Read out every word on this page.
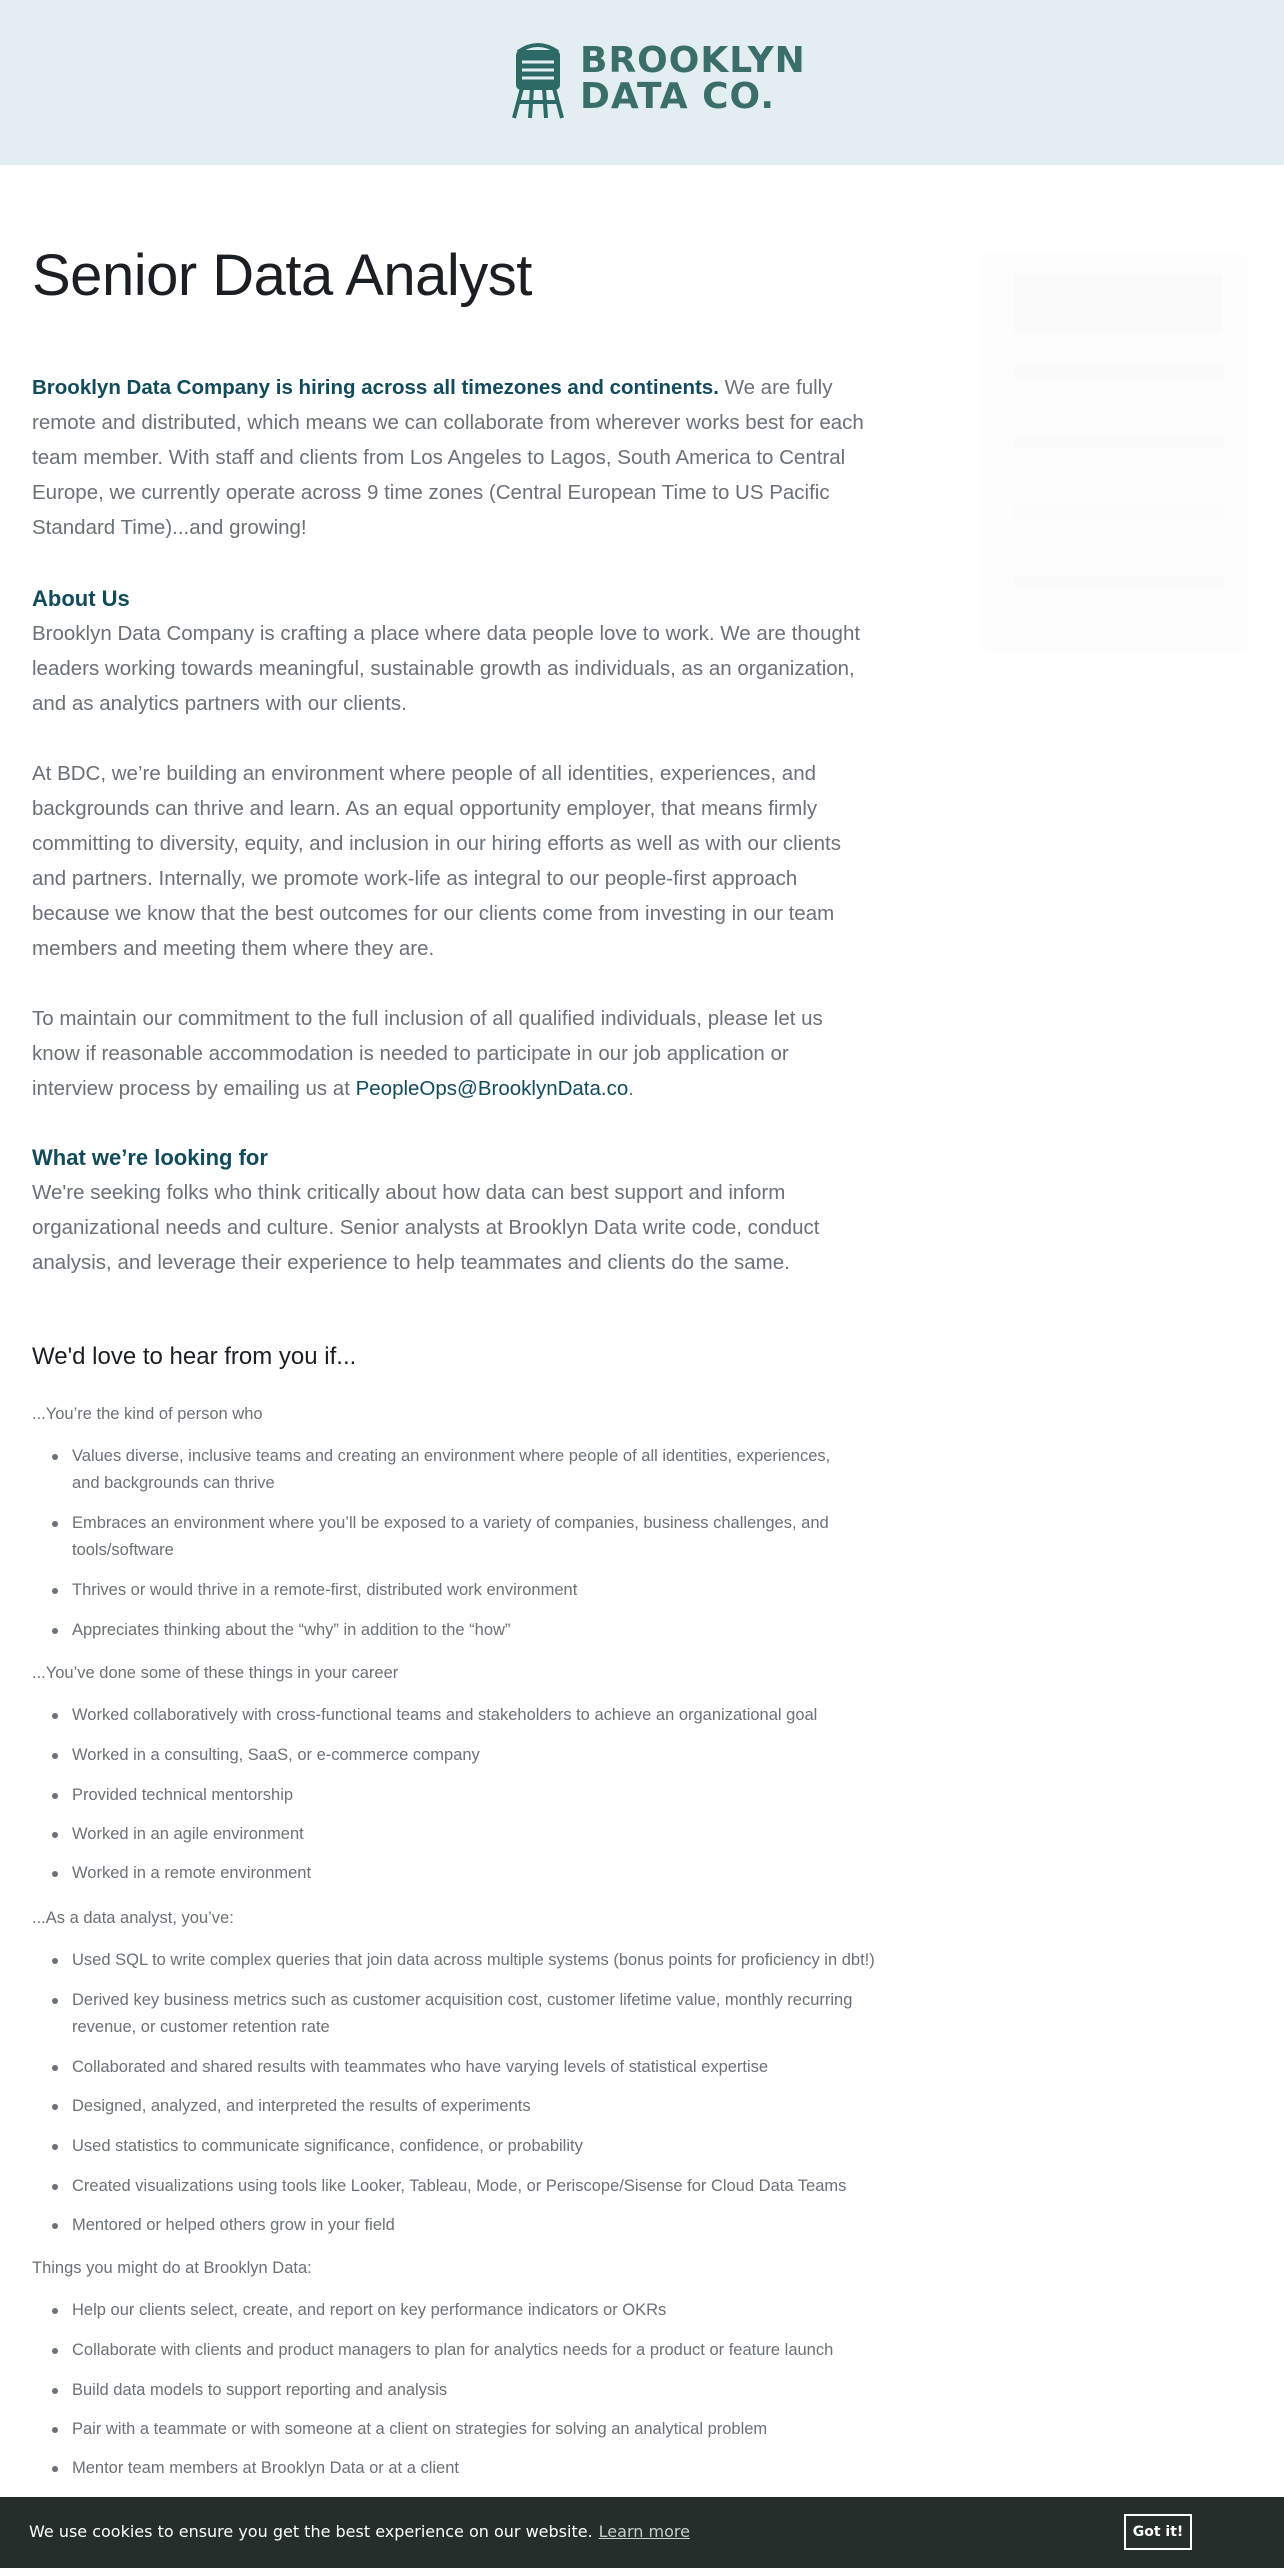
BROOKLYN
DATA CO.
Senior Data Analyst

Brooklyn Data Company is hiring across all timezones and continents. We are fully remote and distributed, which means we can collaborate from wherever works best for each team member. With staff and clients from Los Angeles to Lagos, South America to Central Europe, we currently operate across 9 time zones (Central European Time to US Pacific Standard Time)...and growing!

About Us

Brooklyn Data Company is crafting a place where data people love to work. We are thought leaders working towards meaningful, sustainable growth as individuals, as an organization, and as analytics partners with our clients.

At BDC, we’re building an environment where people of all identities, experiences, and backgrounds can thrive and learn. As an equal opportunity employer, that means firmly committing to diversity, equity, and inclusion in our hiring efforts as well as with our clients and partners. Internally, we promote work-life as integral to our people-first approach because we know that the best outcomes for our clients come from investing in our team members and meeting them where they are.

To maintain our commitment to the full inclusion of all qualified individuals, please let us know if reasonable accommodation is needed to participate in our job application or interview process by emailing us at PeopleOps@BrooklynData.co.

What we’re looking for

We're seeking folks who think critically about how data can best support and inform organizational needs and culture. Senior analysts at Brooklyn Data write code, conduct analysis, and leverage their experience to help teammates and clients do the same.

We'd love to hear from you if...
...You’re the kind of person who
Values diverse, inclusive teams and creating an environment where people of all identities, experiences, and backgrounds can thrive
Embraces an environment where you’ll be exposed to a variety of companies, business challenges, and tools/software
Thrives or would thrive in a remote-first, distributed work environment
Appreciates thinking about the “why” in addition to the “how”
...You’ve done some of these things in your career
Worked collaboratively with cross-functional teams and stakeholders to achieve an organizational goal
Worked in a consulting, SaaS, or e-commerce company
Provided technical mentorship
Worked in an agile environment
Worked in a remote environment
...As a data analyst, you’ve:
Used SQL to write complex queries that join data across multiple systems (bonus points for proficiency in dbt!)
Derived key business metrics such as customer acquisition cost, customer lifetime value, monthly recurring revenue, or customer retention rate
Collaborated and shared results with teammates who have varying levels of statistical expertise
Designed, analyzed, and interpreted the results of experiments
Used statistics to communicate significance, confidence, or probability
Created visualizations using tools like Looker, Tableau, Mode, or Periscope/Sisense for Cloud Data Teams
Mentored or helped others grow in your field
Things you might do at Brooklyn Data:
Help our clients select, create, and report on key performance indicators or OKRs
Collaborate with clients and product managers to plan for analytics needs for a product or feature launch
Build data models to support reporting and analysis
Pair with a teammate or with someone at a client on strategies for solving an analytical problem
Mentor team members at Brooklyn Data or at a client
We use cookies to ensure you get the best experience on our website. Learn more	Got it!
